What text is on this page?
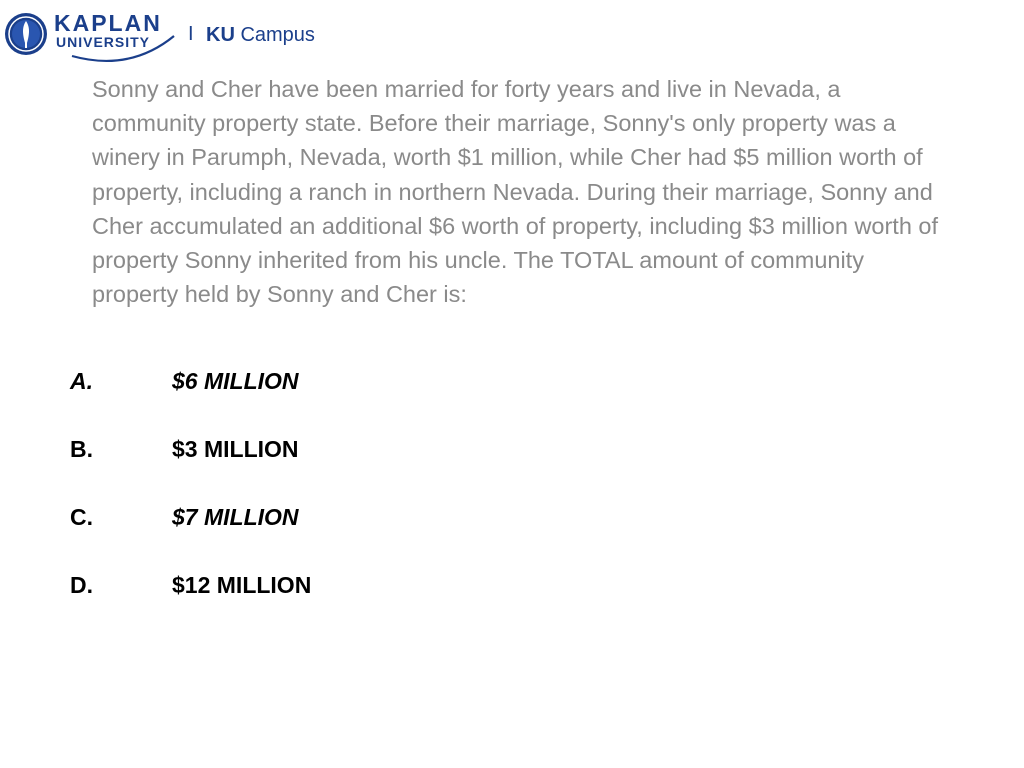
KAPLAN
UNIVERSITY I KU Campus

Sonny and Cher have been married for forty years and live in Nevada, a community property state. Before their marriage, Sonny's only property was a winery in Parumph, Nevada, worth $1 million, while Cher had $5 million worth of property, including a ranch in northern Nevada. During their marriage, Sonny and Cher accumulated an additional $6 worth of property, including $3 million worth of property Sonny inherited from his uncle. The TOTAL amount of community property held by Sonny and Cher is:

A.	$6 MILLION
B.	$3 MILLION
C.	$7 MILLION
D.	$12 MILLION
